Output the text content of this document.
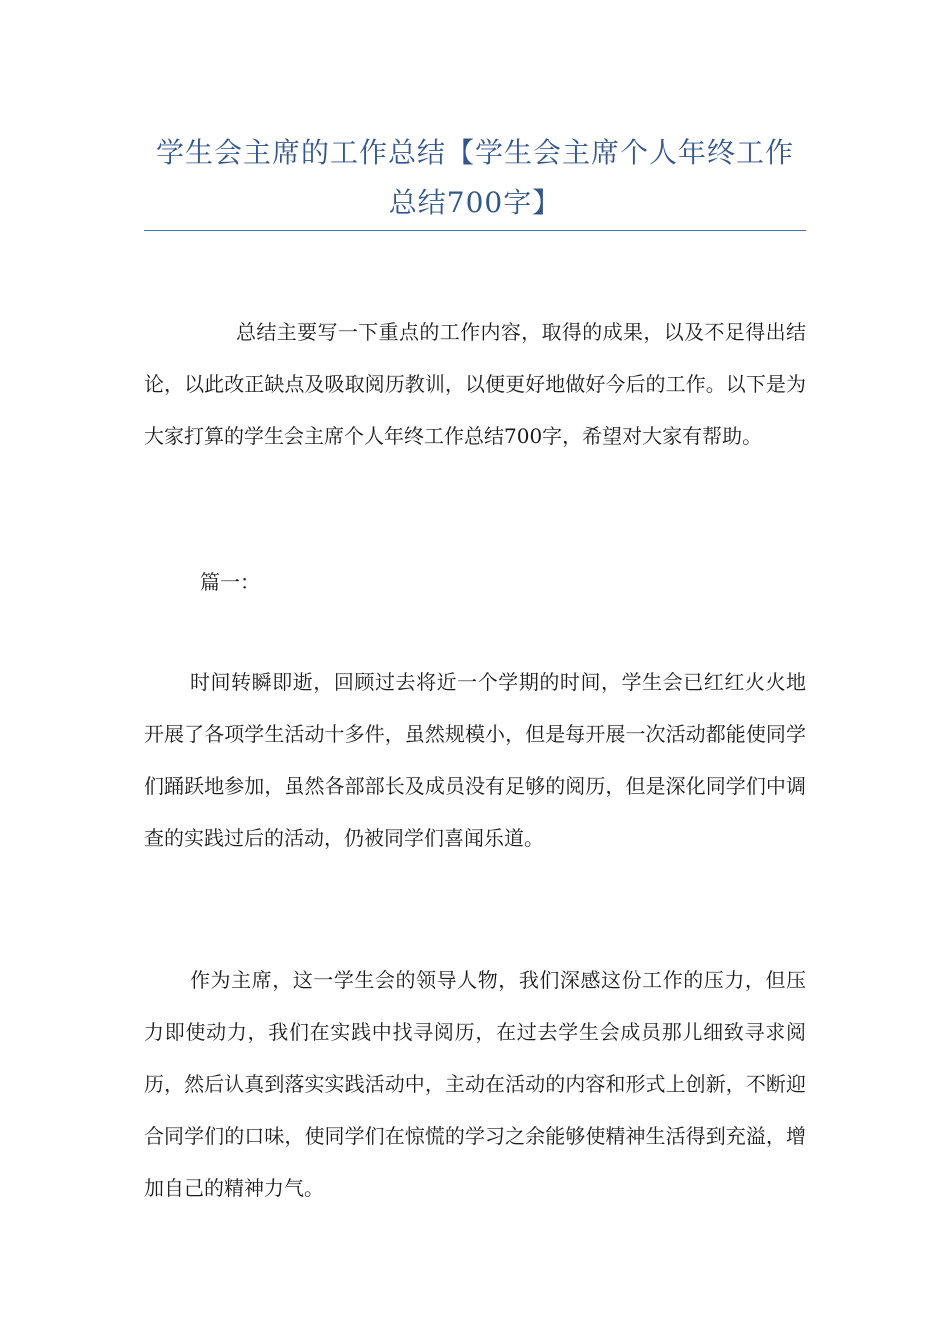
学生会主席的工作总结【学生会主席个人年终工作总结700字】

总结主要写一下重点的工作内容，取得的成果，以及不足得出结论，以此改正缺点及吸取阅历教训，以便更好地做好今后的工作。以下是为大家打算的学生会主席个人年终工作总结700字，希望对大家有帮助。

篇一：

时间转瞬即逝，回顾过去将近一个学期的时间，学生会已红红火火地开展了各项学生活动十多件，虽然规模小，但是每开展一次活动都能使同学们踊跃地参加，虽然各部部长及成员没有足够的阅历，但是深化同学们中调查的实践过后的活动，仍被同学们喜闻乐道。

作为主席，这一学生会的领导人物，我们深感这份工作的压力，但压力即使动力，我们在实践中找寻阅历，在过去学生会成员那儿细致寻求阅历，然后认真到落实实践活动中，主动在活动的内容和形式上创新，不断迎合同学们的口味，使同学们在惊慌的学习之余能够使精神生活得到充溢，增加自己的精神力气。
